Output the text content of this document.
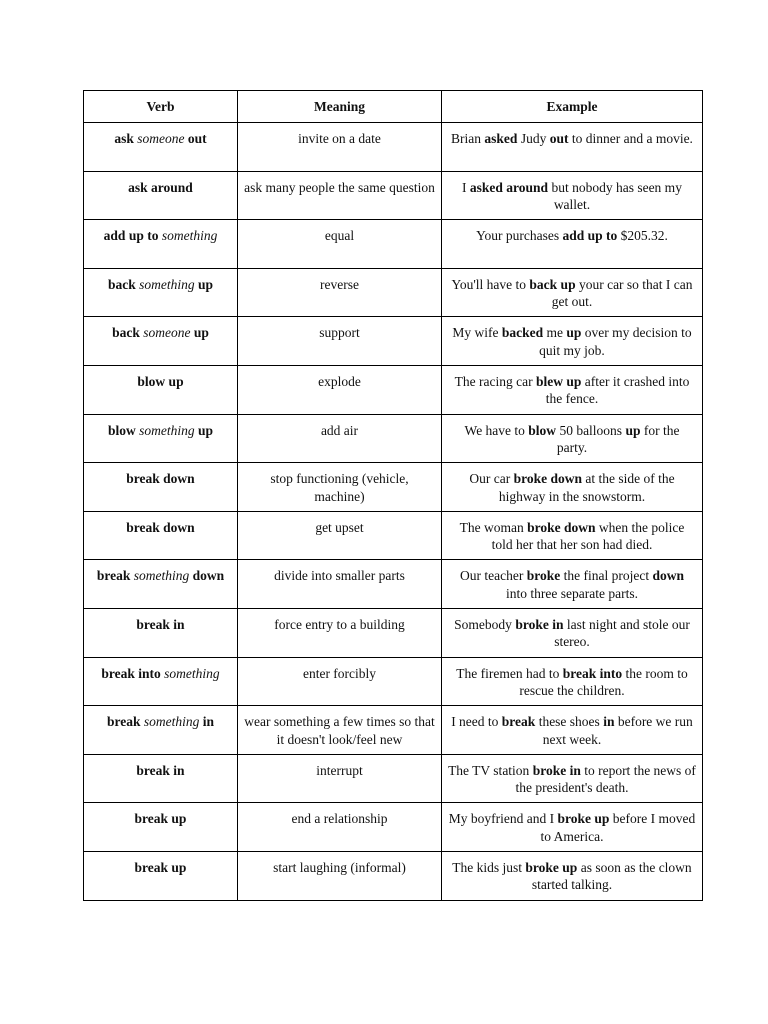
Verb	Meaning	Example
ask someone out	invite on a date	Brian asked Judy out to dinner and a movie.
ask around	ask many people the same question	I asked around but nobody has seen my wallet.
add up to something	equal	Your purchases add up to $205.32.
back something up	reverse	You'll have to back up your car so that I can get out.
back someone up	support	My wife backed me up over my decision to quit my job.
blow up	explode	The racing car blew up after it crashed into the fence.
blow something up	add air	We have to blow 50 balloons up for the party.
break down	stop functioning (vehicle, machine)	Our car broke down at the side of the highway in the snowstorm.
break down	get upset	The woman broke down when the police told her that her son had died.
break something down	divide into smaller parts	Our teacher broke the final project down into three separate parts.
break in	force entry to a building	Somebody broke in last night and stole our stereo.
break into something	enter forcibly	The firemen had to break into the room to rescue the children.
break something in	wear something a few times so that it doesn't look/feel new	I need to break these shoes in before we run next week.
break in	interrupt	The TV station broke in to report the news of the president's death.
break up	end a relationship	My boyfriend and I broke up before I moved to America.
break up	start laughing (informal)	The kids just broke up as soon as the clown started talking.
